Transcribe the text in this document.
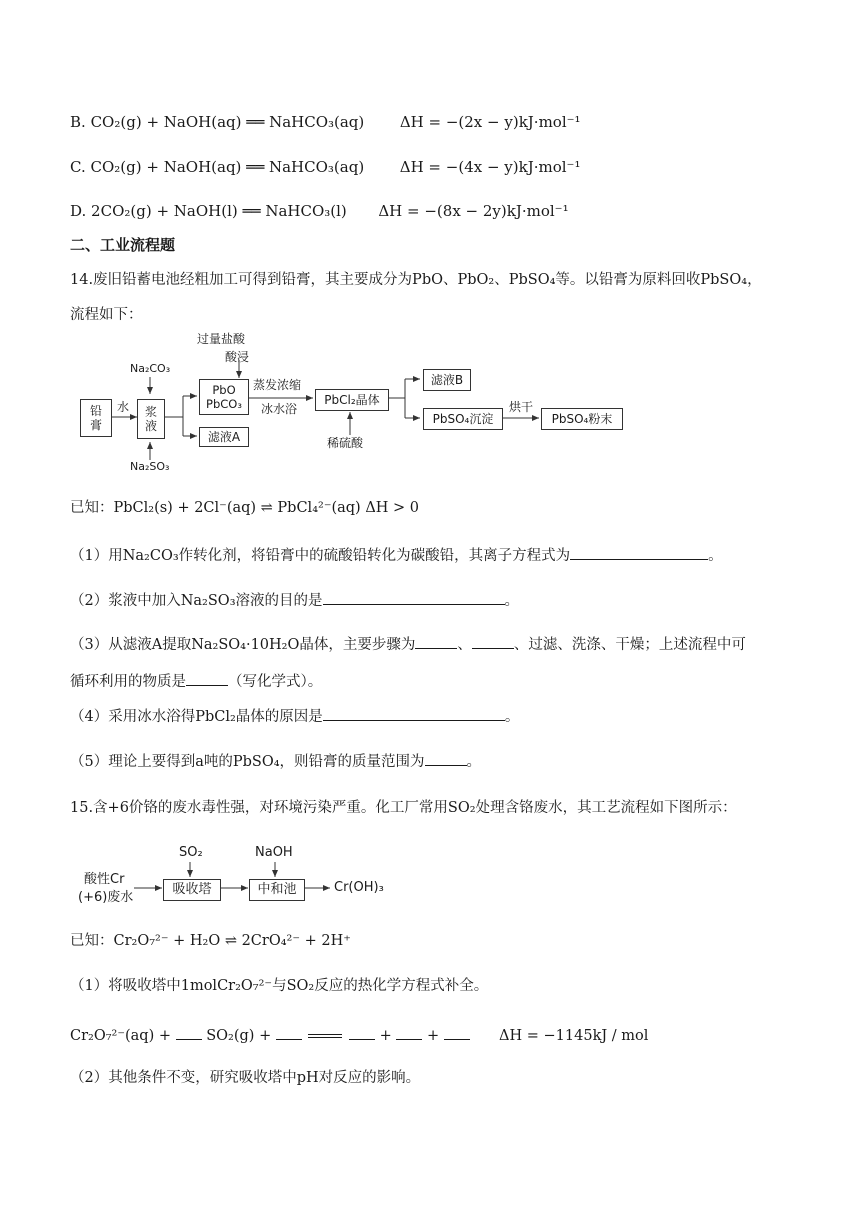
B. CO₂(g) + NaOH(aq) ══ NaHCO₃(aq) ΔH = −(2x − y)kJ·mol⁻¹
C. CO₂(g) + NaOH(aq) ══ NaHCO₃(aq) ΔH = −(4x − y)kJ·mol⁻¹
D. 2CO₂(g) + NaOH(l) ══ NaHCO₃(l) ΔH = −(8x − 2y)kJ·mol⁻¹
二、工业流程题
14.废旧铅蓄电池经粗加工可得到铅膏，其主要成分为PbO、PbO₂、PbSO₄等。以铅膏为原料回收PbSO₄，
流程如下：
铅
膏
水
Na₂CO₃
浆
液
Na₂SO₃
过量盐酸
酸浸
PbO
PbCO₃
滤液A
蒸发浓缩
冰水浴
PbCl₂晶体
稀硫酸
滤液B
PbSO₄沉淀
烘干
PbSO₄粉末
已知：PbCl₂(s) + 2Cl⁻(aq) ⇌ PbCl₄²⁻(aq) ΔH > 0
（1）用Na₂CO₃作转化剂，将铅膏中的硫酸铅转化为碳酸铅，其离子方程式为	。
（2）浆液中加入Na₂SO₃溶液的目的是	。
（3）从滤液A提取Na₂SO₄·10H₂O晶体，主要步骤为	、	、过滤、洗涤、干燥；上述流程中可
循环利用的物质是	（写化学式）。
（4）采用冰水浴得PbCl₂晶体的原因是	。
（5）理论上要得到a吨的PbSO₄，则铅膏的质量范围为	。
15.含+6价铬的废水毒性强，对环境污染严重。化工厂常用SO₂处理含铬废水，其工艺流程如下图所示：
酸性Cr
(+6)废水
SO₂
吸收塔
NaOH
中和池	Cr(OH)₃
已知：Cr₂O₇²⁻ + H₂O ⇌ 2CrO₄²⁻ + 2H⁺
（1）将吸收塔中1molCr₂O₇²⁻与SO₂反应的热化学方程式补全。
Cr₂O₇²⁻(aq) + SO₂(g) +	+ +	ΔH = −1145kJ / mol
（2）其他条件不变，研究吸收塔中pH对反应的影响。
